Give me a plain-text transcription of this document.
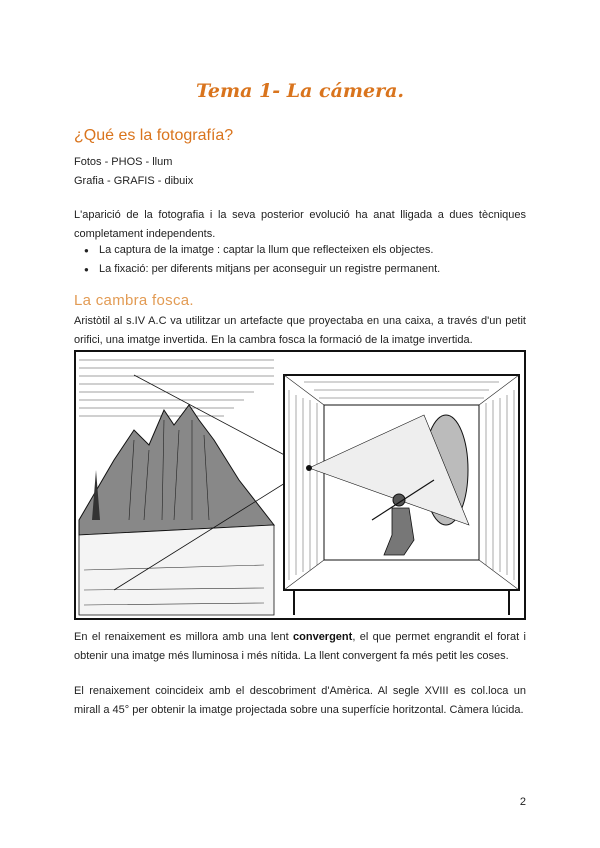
Tema 1- La cámera.
¿Qué es la fotografía?
Fotos - PHOS - llum
Grafia - GRAFIS - dibuix

L'aparició de la fotografia i la seva posterior evolució ha anat lligada a dues tècniques completament independents.

● La captura de la imatge : captar la llum que reflecteixen els objectes.
● La fixació: per diferents mitjans per aconseguir un registre permanent.
La cambra fosca.

Aristòtil al s.IV A.C va utilitzar un artefacte que proyectaba en una caixa, a través d'un petit orifici, una imatge invertida. En la cambra fosca la formació de la imatge invertida.

En el renaixement es millora amb una lent convergent, el que permet engrandit el forat i obtenir una imatge més lluminosa i més nítida. La llent convergent fa més petit les coses.

El renaixement coincideix amb el descobriment d'Amèrica. Al segle XVIII es col.loca un mirall a 45° per obtenir la imatge projectada sobre una superfície horitzontal. Càmera lúcida.

2
